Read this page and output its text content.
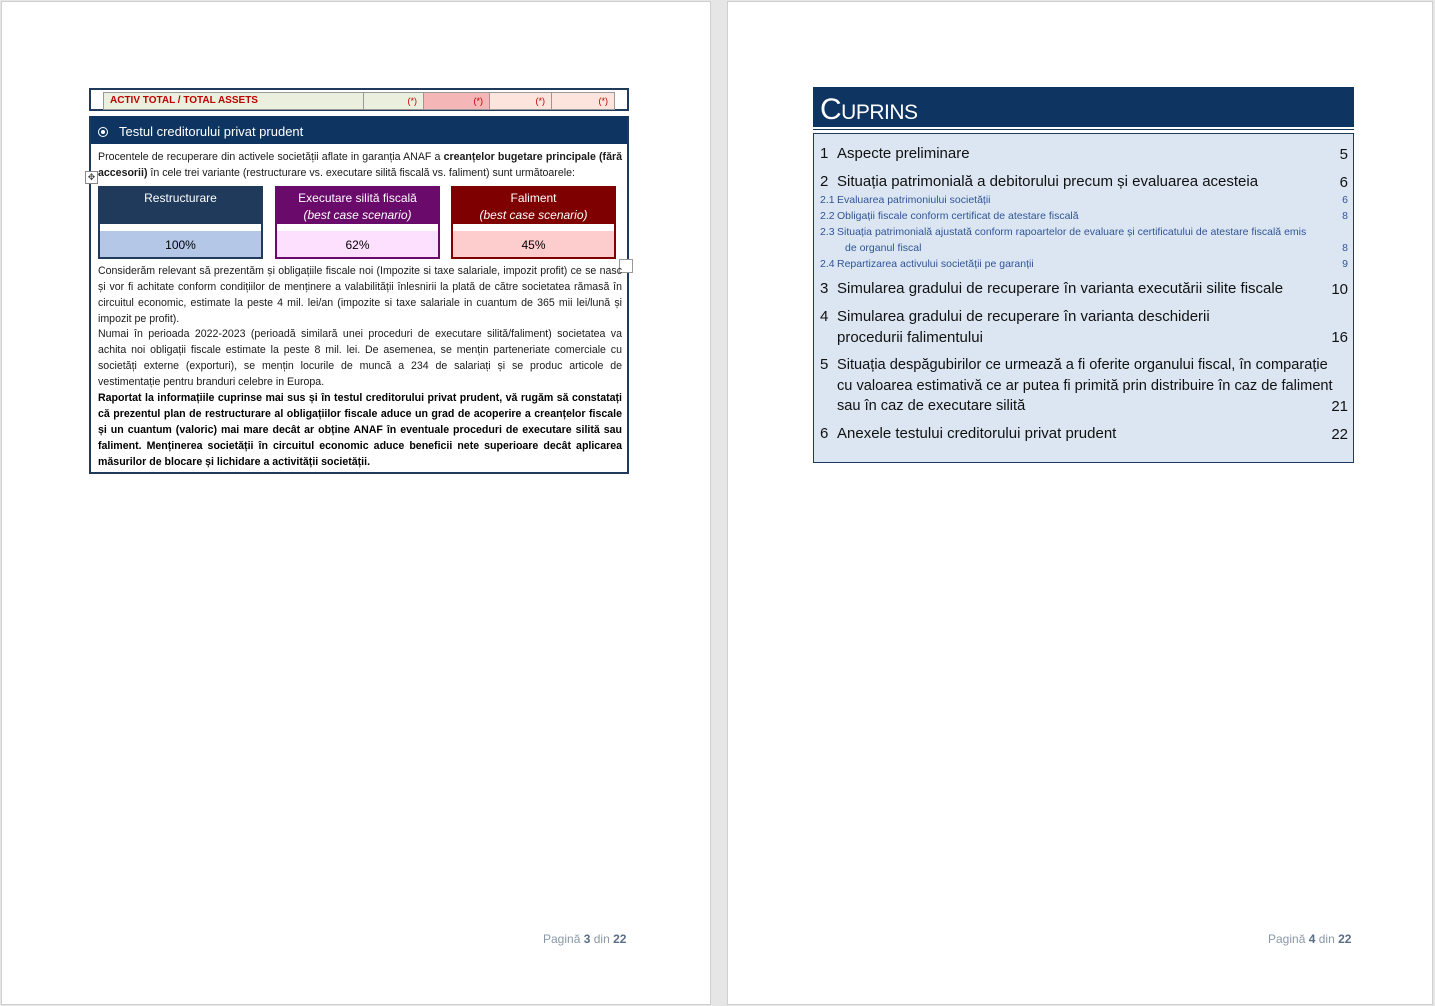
ACTIV TOTAL / TOTAL ASSETS	(*)	(*)	(*)	(*)
Testul creditorului privat prudent
Procentele de recuperare din activele societății aflate in garanția ANAF a creanțelor bugetare principale (fără accesorii) în cele trei variante (restructurare vs. executare silită fiscală vs. faliment) sunt următoarele:
✥
Restructurare
100%
Executare silită fiscală
(best case scenario)
62%
Faliment
(best case scenario)
45%
Considerăm relevant să prezentăm și obligațiile fiscale noi (Impozite si taxe salariale, impozit profit) ce se nasc și vor fi achitate conform condițiilor de menținere a valabilității înlesnirii la plată de către societatea rămasă în circuitul economic, estimate la peste 4 mil. lei/an (impozite si taxe salariale in cuantum de 365 mii lei/lună și impozit pe profit).
Numai în perioada 2022-2023 (perioadă similară unei proceduri de executare silită/faliment) societatea va achita noi obligații fiscale estimate la peste 8 mil. lei. De asemenea, se mențin parteneriate comerciale cu societăți externe (exporturi), se mențin locurile de muncă a 234 de salariați și se produc articole de vestimentație pentru branduri celebre in Europa.
Raportat la informațiile cuprinse mai sus și în testul creditorului privat prudent, vă rugăm să constatați că prezentul plan de restructurare al obligațiilor fiscale aduce un grad de acoperire a creanțelor fiscale și un cuantum (valoric) mai mare decât ar obține ANAF în eventuale proceduri de executare silită sau faliment. Menținerea societății în circuitul economic aduce beneficii nete superioare decât aplicarea măsurilor de blocare și lichidare a activității societății.
Pagină 3 din 22
Cuprins
1 Aspecte preliminare	5
2 Situația patrimonială a debitorului precum și evaluarea acesteia	6
2.1 Evaluarea patrimoniului societății	6
2.2 Obligații fiscale conform certificat de atestare fiscală	8
2.3 Situația patrimonială ajustată conform rapoartelor de evaluare și certificatului de atestare fiscală emis
de organul fiscal	8
2.4 Repartizarea activului societății pe garanții	9
3 Simularea gradului de recuperare în varianta executării silite fiscale	10
4 Simularea gradului de recuperare în varianta deschiderii procedurii falimentului	16
5 Situația despăgubirilor ce urmează a fi oferite organului fiscal, în comparație cu valoarea estimativă ce ar putea fi primită prin distribuire în caz de faliment sau în caz de executare silită	21
6 Anexele testului creditorului privat prudent	22
Pagină 4 din 22
